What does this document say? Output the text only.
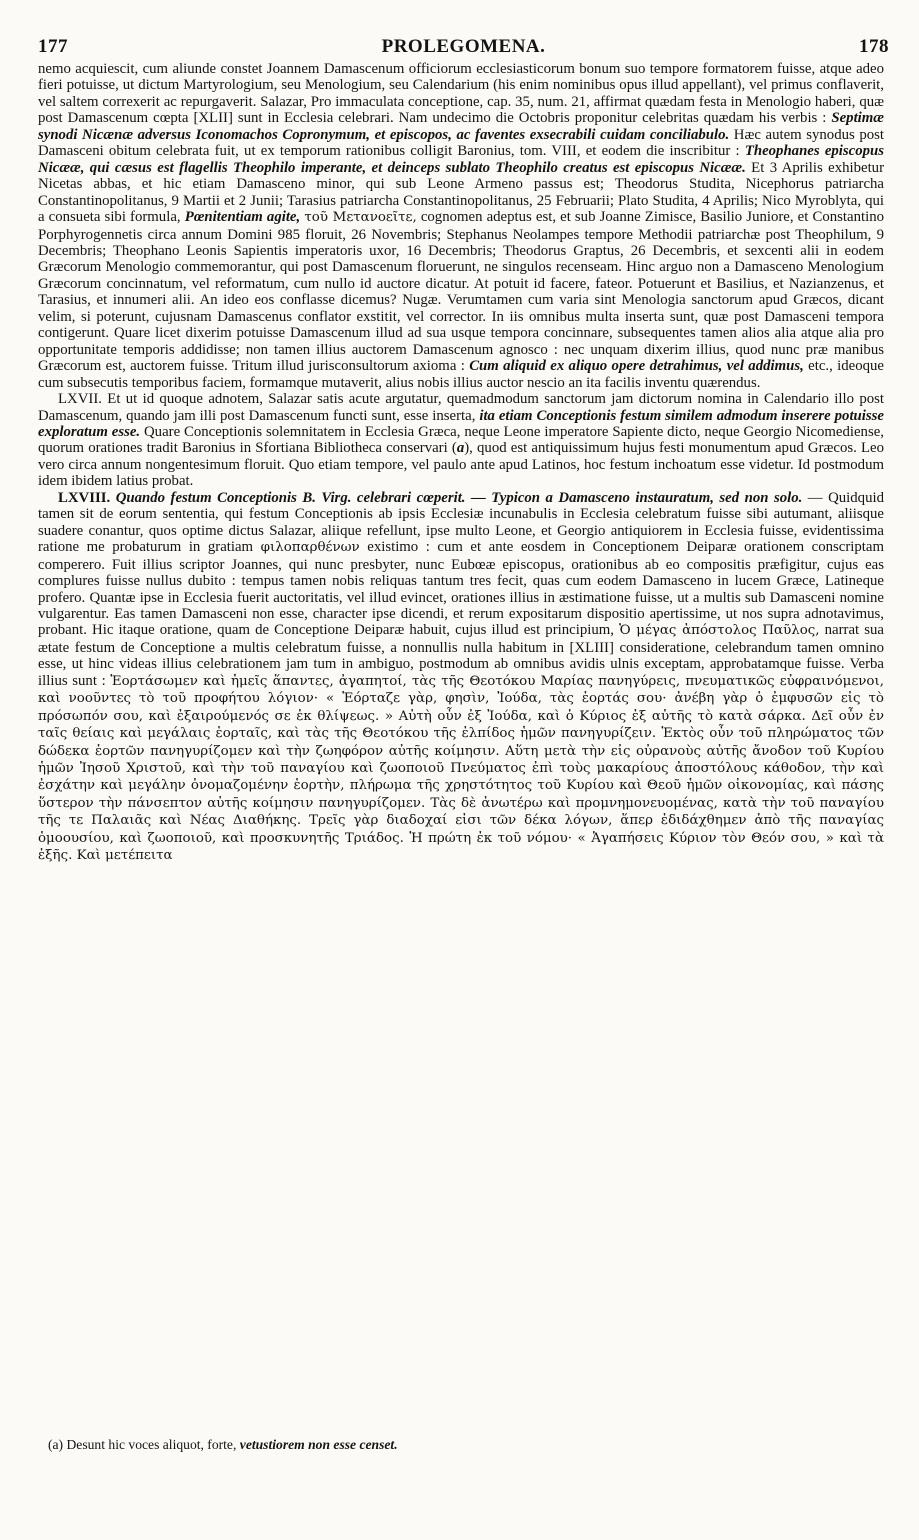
PROLEGOMENA.
177	178

nemo acquiescit, cum aliunde constet Joannem Damascenum officiorum ecclesiasticorum bonum suo tempore formatorem fuisse, atque adeo fieri potuisse, ut dictum Martyrologium, seu Menologium, seu Calendarium (his enim nominibus opus illud appellant), vel primus conflaverit, vel saltem correxerit ac repurgaverit. Salazar, Pro immaculata conceptione, cap. 35, num. 21, affirmat quædam festa in Menologio haberi, quæ post Damascenum cœpta [XLII] sunt in Ecclesia celebrari. Nam undecimo die Octobris proponitur celebritas quædam his verbis : Septimæ synodi Nicænæ adversus Iconomachos Copronymum, et episcopos, ac faventes exsecrabili cuidam conciliabulo. Hæc autem synodus post Damasceni obitum celebrata fuit, ut ex temporum rationibus colligit Baronius, tom. VIII, et eodem die inscribitur : Theophanes episcopus Nicææ, qui cæsus est flagellis Theophilo imperante, et deinceps sublato Theophilo creatus est episcopus Nicææ. Et 3 Aprilis exhibetur Nicetas abbas, et hic etiam Damasceno minor, qui sub Leone Armeno passus est; Theodorus Studita, Nicephorus patriarcha Constantinopolitanus, 9 Martii et 2 Junii; Tarasius patriarcha Constantinopolitanus, 25 Februarii; Plato Studita, 4 Aprilis; Nico Myroblyta, qui a consueta sibi formula, Pœnitentiam agite, τοῦ Μετανοεῖτε, cognomen adeptus est, et sub Joanne Zimisce, Basilio Juniore, et Constantino Porphyrogennetis circa annum Domini 985 floruit, 26 Novembris; Stephanus Neolampes tempore Methodii patriarchæ post Theophilum, 9 Decembris; Theophano Leonis Sapientis imperatoris uxor, 16 Decembris; Theodorus Graptus, 26 Decembris, et sexcenti alii in eodem Græcorum Menologio commemorantur, qui post Damascenum floruerunt, ne singulos recenseam. Hinc arguo non a Damasceno Menologium Græcorum concinnatum, vel reformatum, cum nullo id auctore dicatur. At potuit id facere, fateor. Potuerunt et Basilius, et Nazianzenus, et Tarasius, et innumeri alii. An ideo eos conflasse dicemus? Nugæ. Verumtamen cum varia sint Menologia sanctorum apud Græcos, dicant velim, si poterunt, cujusnam Damascenus conflator exstitit, vel corrector. In iis omnibus multa inserta sunt, quæ post Damasceni tempora contigerunt. Quare licet dixerim potuisse Damascenum illud ad sua usque tempora concinnare, subsequentes tamen alios alia atque alia pro opportunitate temporis addidisse; non tamen illius auctorem Damascenum agnosco : nec unquam dixerim illius, quod nunc præ manibus Græcorum est, auctorem fuisse. Tritum illud jurisconsultorum axioma : Cum aliquid ex aliquo opere detrahimus, vel addimus, etc., ideoque cum subsecutis temporibus faciem, formamque mutaverit, alius nobis illius auctor nescio an ita facilis inventu quærendus.

LXVII. Et ut id quoque adnotem, Salazar satis acute argutatur, quemadmodum sanctorum jam dictorum nomina in Calendario illo post Damascenum, quando jam illi post Damascenum functi sunt, esse inserta, ita etiam Conceptionis festum similem admodum inserere potuisse exploratum esse. Quare Conceptionis solemnitatem in Ecclesia Græca, neque Leone imperatore Sapiente dicto, neque Georgio Nicomediense, quorum orationes tradit Baronius in Sfortiana Bibliotheca conservari (a), quod est antiquissimum hujus festi monumentum apud Græcos. Leo vero circa annum nongentesimum floruit. Quo etiam tempore, vel paulo ante apud Latinos, hoc festum inchoatum esse videtur. Id postmodum idem ibidem latius probat.

LXVIII. Quando festum Conceptionis B. Virg. celebrari cœperit. — Typicon a Damasceno instauratum, sed non solo. — Quidquid tamen sit de eorum sententia, qui festum Conceptionis ab ipsis Ecclesiæ incunabulis in Ecclesia celebratum fuisse sibi autumant, aliisque suadere conantur, quos optime dictus Salazar, aliique refellunt, ipse multo Leone, et Georgio antiquiorem in Ecclesia fuisse, evidentissima ratione me probaturum in gratiam φιλοπαρθένων existimo : cum et ante eosdem in Conceptionem Deiparæ orationem conscriptam comperero. Fuit illius scriptor Joannes, qui nunc presbyter, nunc Eubœæ episcopus, orationibus ab eo compositis præfigitur, cujus eas complures fuisse nullus dubito : tempus tamen nobis reliquas tantum tres fecit, quas cum eodem Damasceno in lucem Græce, Latineque profero. Quantæ ipse in Ecclesia fuerit auctoritatis, vel illud evincet, orationes illius in æstimatione fuisse, ut a multis sub Damasceni nomine vulgarentur. Eas tamen Damasceni non esse, character ipse dicendi, et rerum expositarum dispositio apertissime, ut nos supra adnotavimus, probant. Hic itaque oratione, quam de Conceptione Deiparæ habuit, cujus illud est principium, Ὁ μέγας ἀπόστολος Παῦλος, narrat sua ætate festum de Conceptione a multis celebratum fuisse, a nonnullis nulla habitum in [XLIII] consideratione, celebrandum tamen omnino esse, ut hinc videas illius celebrationem jam tum in ambiguo, postmodum ab omnibus avidis ulnis exceptam, approbatamque fuisse. Verba illius sunt : Ἑορτάσωμεν καὶ ἡμεῖς ἅπαντες, ἀγαπητοί, τὰς τῆς Θεοτόκου Μαρίας πανηγύρεις, πνευματικῶς εὐφραινόμενοι, καὶ νοοῦντες τὸ τοῦ προφήτου λόγιον· « Ἑόρταζε γὰρ, φησὶν, Ἰούδα, τὰς ἑορτάς σου· ἀνέβη γὰρ ὁ ἐμφυσῶν εἰς τὸ πρόσωπόν σου, καὶ ἐξαιρούμενός σε ἐκ θλίψεως. » Αὐτὴ οὖν ἐξ Ἰούδα, καὶ ὁ Κύριος ἐξ αὐτῆς τὸ κατὰ σάρκα. Δεῖ οὖν ἐν ταῖς θείαις καὶ μεγάλαις ἑορταῖς, καὶ τὰς τῆς Θεοτόκου τῆς ἐλπίδος ἡμῶν πανηγυρίζειν. Ἐκτὸς οὖν τοῦ πληρώματος τῶν δώδεκα ἑορτῶν πανηγυρίζομεν καὶ τὴν ζωηφόρον αὐτῆς κοίμησιν. Αὕτη μετὰ τὴν εἰς οὐρανοὺς αὐτῆς ἄνοδον τοῦ Κυρίου ἡμῶν Ἰησοῦ Χριστοῦ, καὶ τὴν τοῦ παναγίου καὶ ζωοποιοῦ Πνεύματος ἐπὶ τοὺς μακαρίους ἀποστόλους κάθοδον, τὴν καὶ ἐσχάτην καὶ μεγάλην ὀνομαζομένην ἑορτὴν, πλήρωμα τῆς χρηστότητος τοῦ Κυρίου καὶ Θεοῦ ἡμῶν οἰκονομίας, καὶ πάσης ὕστερον τὴν πάνσεπτον αὐτῆς κοίμησιν πανηγυρίζομεν. Τὰς δὲ ἀνωτέρω καὶ προμνημονευομένας, κατὰ τὴν τοῦ παναγίου τῆς τε Παλαιᾶς καὶ Νέας Διαθήκης. Τρεῖς γὰρ διαδοχαί εἰσι τῶν δέκα λόγων, ἅπερ ἐδιδάχθημεν ἀπὸ τῆς παναγίας ὁμοουσίου, καὶ ζωοποιοῦ, καὶ προσκυνητῆς Τριάδος. Ἡ πρώτη ἐκ τοῦ νόμου· « Ἀγαπήσεις Κύριον τὸν Θεόν σου, » καὶ τὰ ἑξῆς. Καὶ μετέπειτα

(a) Desunt hic voces aliquot, forte, vetustiorem non esse censet.
